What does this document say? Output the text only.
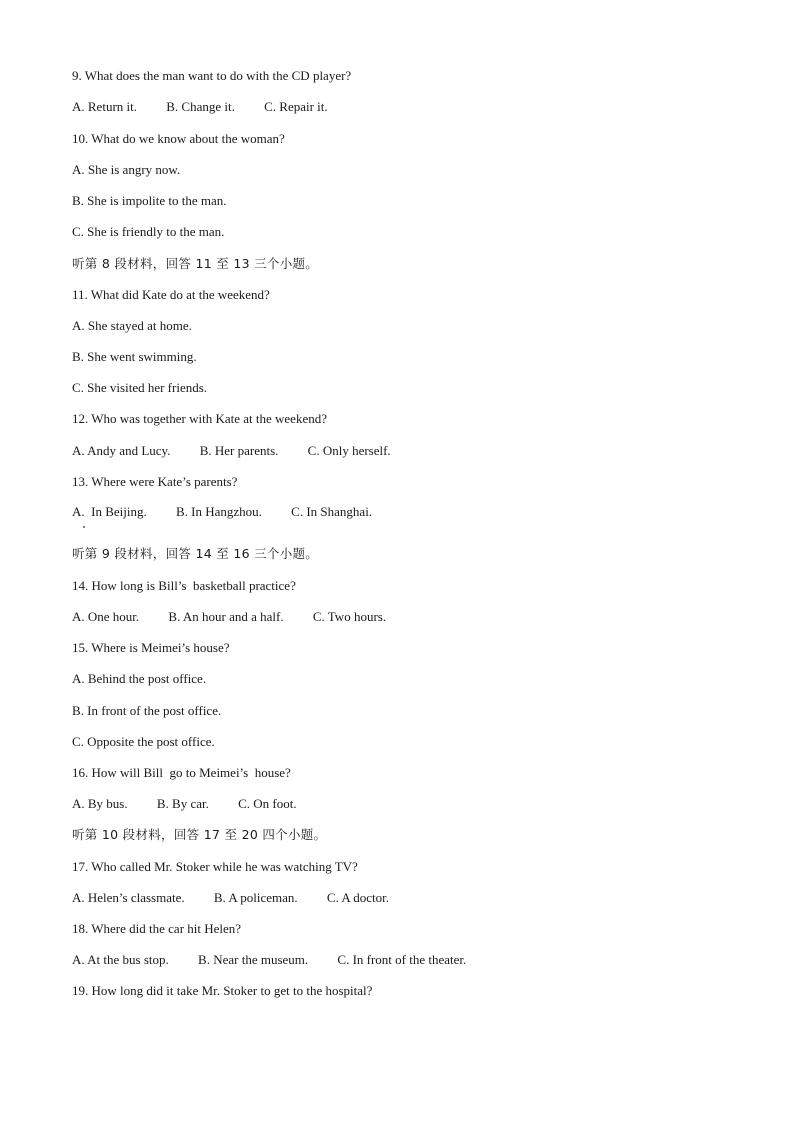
9. What does the man want to do with the CD player?
A. Return it.         B. Change it.         C. Repair it.
10. What do we know about the woman?
A. She is angry now.
B. She is impolite to the man.
C. She is friendly to the man.
听第 8 段材料，回答 11 至 13 三个小题。
11. What did Kate do at the weekend?
A. She stayed at home.
B. She went swimming.
C. She visited her friends.
12. Who was together with Kate at the weekend?
A. Andy and Lucy.         B. Her parents.         C. Only herself.
13. Where were Kate’s parents?
A.  In Beijing.         B. In Hangzhou.         C. In Shanghai.
听第 9 段材料，回答 14 至 16 三个小题。
14. How long is Bill’s  basketball practice?
A. One hour.         B. An hour and a half.         C. Two hours.
15. Where is Meimei’s house?
A. Behind the post office.
B. In front of the post office.
C. Opposite the post office.
16. How will Bill  go to Meimei’s  house?
A. By bus.         B. By car.         C. On foot.
听第 10 段材料，回答 17 至 20 四个小题。
17. Who called Mr. Stoker while he was watching TV?
A. Helen’s classmate.         B. A policeman.         C. A doctor.
18. Where did the car hit Helen?
A. At the bus stop.         B. Near the museum.         C. In front of the theater.
19. How long did it take Mr. Stoker to get to the hospital?
